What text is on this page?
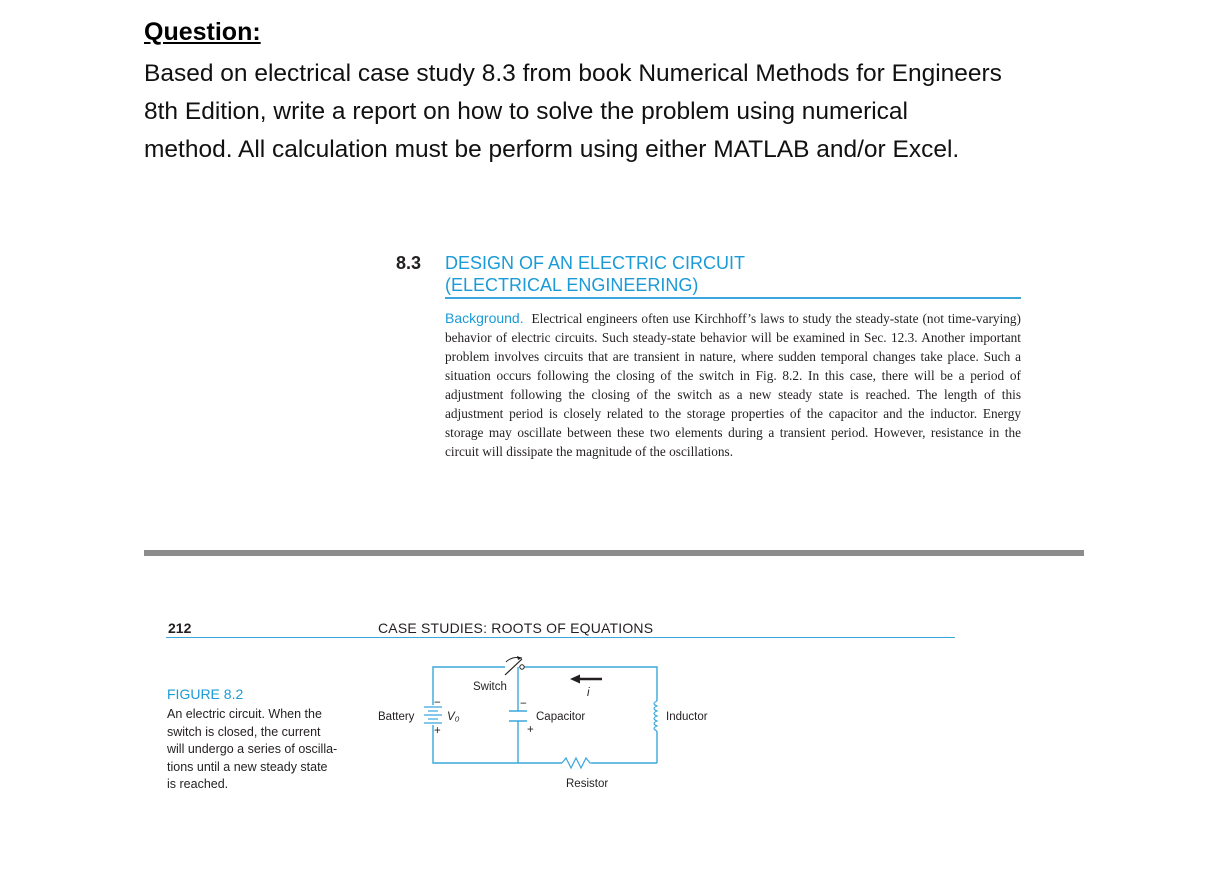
Question:
Based on electrical case study 8.3 from book Numerical Methods for Engineers
8th Edition, write a report on how to solve the problem using numerical
method. All calculation must be perform using either MATLAB and/or Excel.
8.3 DESIGN OF AN ELECTRIC CIRCUIT
(ELECTRICAL ENGINEERING)
Background. Electrical engineers often use Kirchhoff’s laws to study the steady-state (not time-varying) behavior of electric circuits. Such steady-state behavior will be examined in Sec. 12.3. Another important problem involves circuits that are transient in nature, where sudden temporal changes take place. Such a situation occurs following the closing of the switch in Fig. 8.2. In this case, there will be a period of adjustment following the closing of the switch as a new steady state is reached. The length of this adjustment period is closely related to the storage properties of the capacitor and the inductor. Energy storage may oscillate between these two elements during a transient period. However, resistance in the circuit will dissipate the magnitude of the oscillations.
212	CASE STUDIES: ROOTS OF EQUATIONS
FIGURE 8.2
An electric circuit. When the
switch is closed, the current
will undergo a series of oscilla-
tions until a new steady state
is reached.
Switch	i
Battery	V₀
−
+
−
+
Capacitor	Inductor
Resistor
